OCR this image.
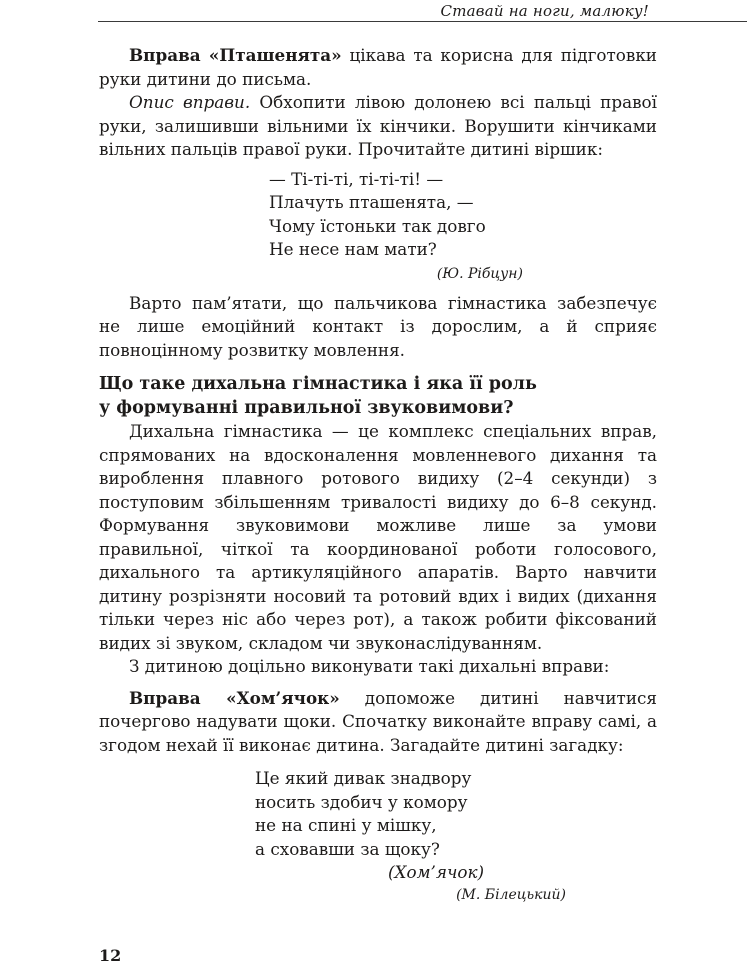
Ставай на ноги, малюку!

Вправа «Пташенята» цікава та корисна для підготовки руки дитини до письма.

Опис вправи. Обхопити лівою долонею всі пальці правої руки, залишивши вільними їх кінчики. Ворушити кінчиками вільних пальців правої руки. Прочитайте дитині віршик:

— Ті-ті-ті, ті-ті-ті! —
Плачуть пташенята, —
Чому їстоньки так довго
Не несе нам мати?
(Ю. Рібцун)

Варто пам’ятати, що пальчикова гімнастика забезпечує не лише емоційний контакт із дорослим, а й сприяє повноцінному розвитку мовлення.

Що таке дихальна гімнастика і яка її роль
у формуванні правильної звуковимови?

Дихальна гімнастика — це комплекс спеціальних вправ, спрямованих на вдосконалення мовленневого дихання та вироблення плавного ротового видиху (2–4 секунди) з поступовим збільшенням тривалості видиху до 6–8 секунд. Формування звуковимови можливе лише за умови правильної, чіткої та координованої роботи голосового, дихального та артикуляційного апаратів. Варто навчити дитину розрізняти носовий та ротовий вдих і видих (дихання тільки через ніс або через рот), а також робити фіксований видих зі звуком, складом чи звуконаслідуванням.

З дитиною доцільно виконувати такі дихальні вправи:

Вправа «Хом’ячок» допоможе дитині навчитися почергово надувати щоки. Спочатку виконайте вправу самі, а згодом нехай її виконає дитина. Загадайте дитині загадку:

Це який дивак знадвору
носить здобич у комору
не на спині у мішку,
а сховавши за щоку?
(Хом’ячок)
(М. Білецький)
12
